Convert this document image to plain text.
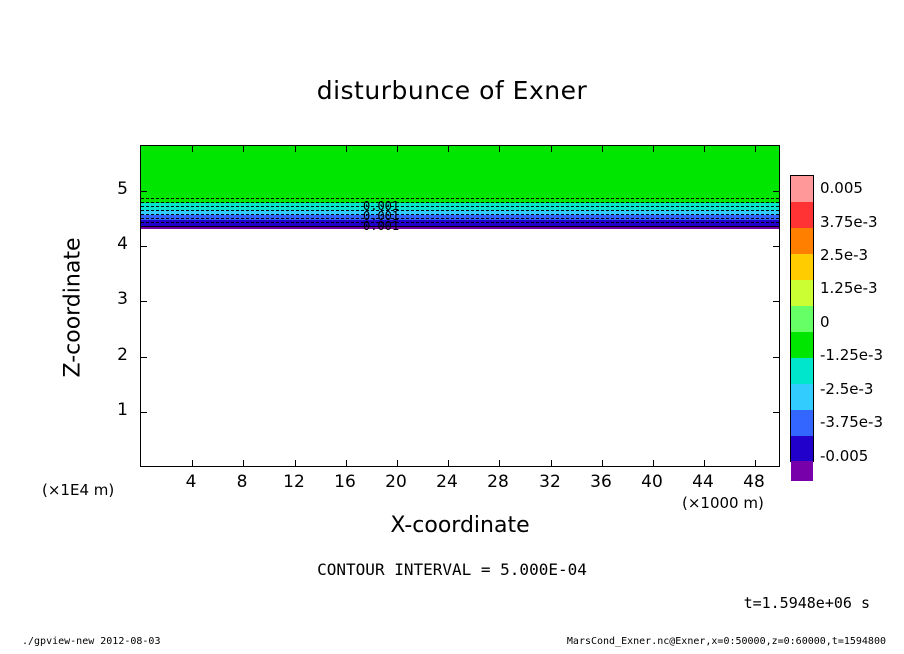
disturbunce of Exner
0.001
0.001
0.001
4	8	12	16	20	24	28	32	36	40	44	48
1
2
3
4
5
X-coordinate
Z-coordinate
(×1E4 m)
(×1000 m)
0.005
3.75e-3
2.5e-3
1.25e-3
0
-1.25e-3
-2.5e-3
-3.75e-3
-0.005
CONTOUR INTERVAL = 5.000E-04
t=1.5948e+06 s
./gpview-new 2012-08-03	MarsCond_Exner.nc@Exner,x=0:50000,z=0:60000,t=1594800
